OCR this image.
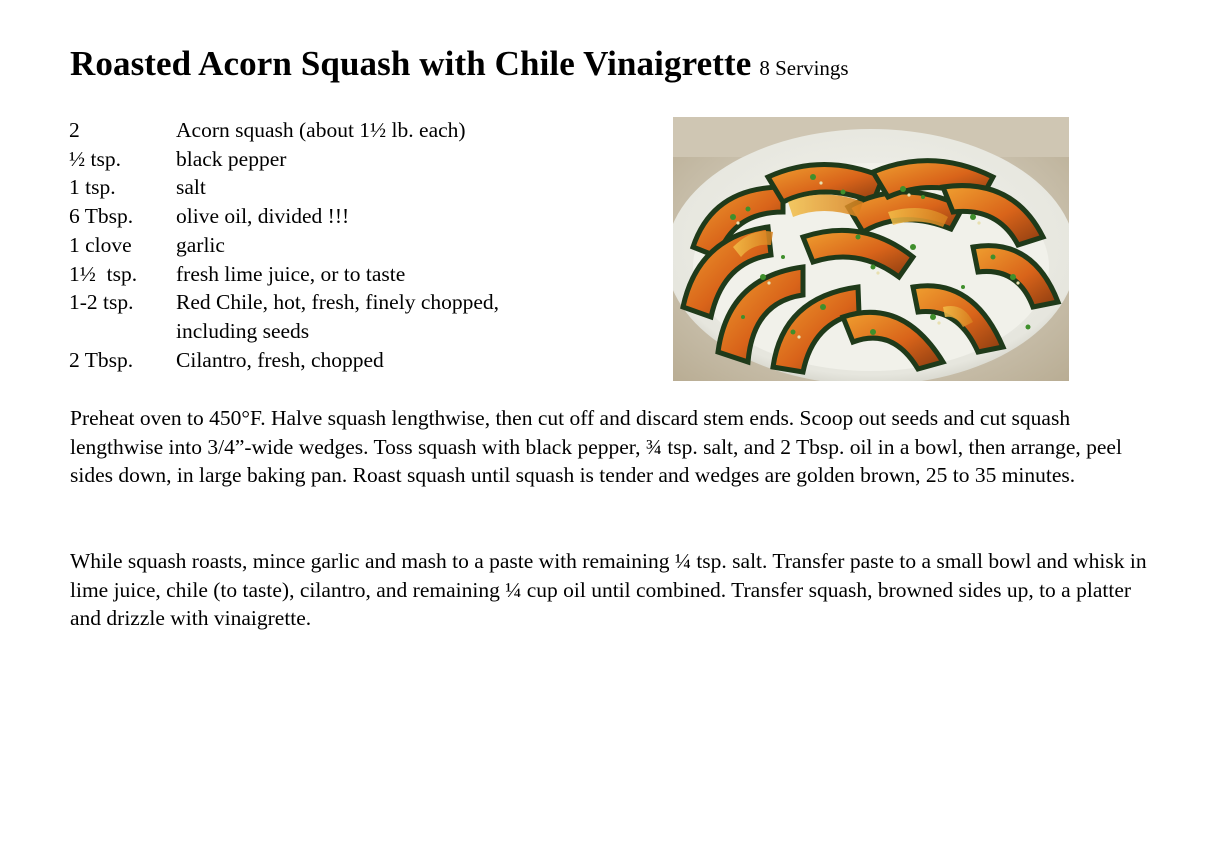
Roasted Acorn Squash with Chile Vinaigrette 8 Servings
2	Acorn squash (about 1½ lb. each)
½ tsp.	black pepper
1 tsp.	salt
6 Tbsp.	olive oil, divided !!!
1 clove	garlic
1½  tsp.	fresh lime juice, or to taste
1-2 tsp.	Red Chile, hot, fresh, finely chopped,
including seeds
2 Tbsp.	Cilantro, fresh, chopped

Preheat oven to 450°F. Halve squash lengthwise, then cut off and discard stem ends. Scoop out seeds and cut squash lengthwise into 3/4”-wide wedges. Toss squash with black pepper, ¾ tsp. salt, and 2 Tbsp. oil in a bowl, then arrange, peel sides down, in large baking pan. Roast squash until squash is tender and wedges are golden brown, 25 to 35 minutes.

While squash roasts, mince garlic and mash to a paste with remaining ¼ tsp. salt. Transfer paste to a small bowl and whisk in lime juice, chile (to taste), cilantro, and remaining ¼ cup oil until combined. Transfer squash, browned sides up, to a platter and drizzle with vinaigrette.
